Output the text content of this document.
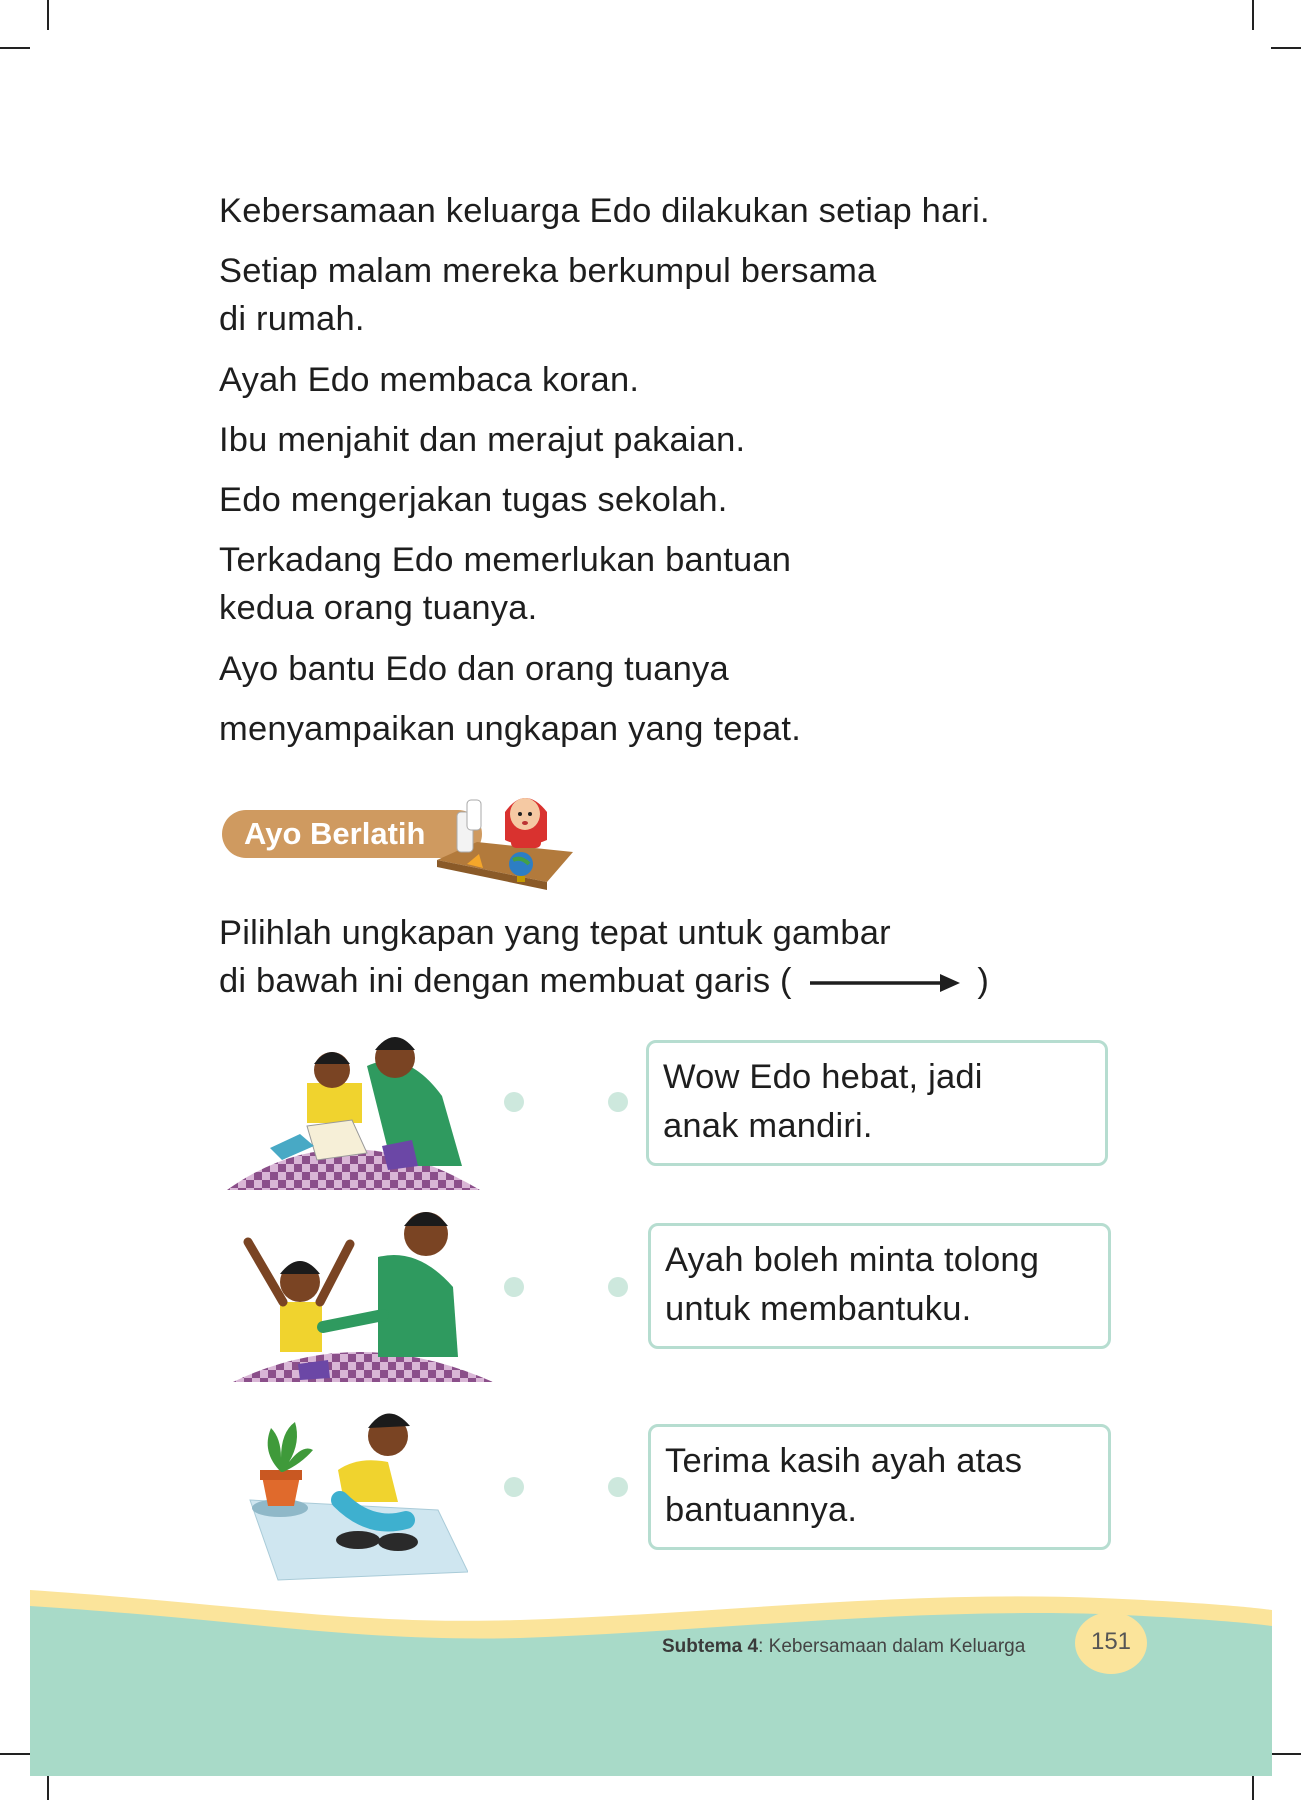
Kebersamaan keluarga Edo dilakukan setiap hari.
Setiap malam mereka berkumpul bersama
di rumah.
Ayah Edo membaca koran.
Ibu menjahit dan merajut pakaian.
Edo mengerjakan tugas sekolah.
Terkadang Edo memerlukan bantuan
kedua orang tuanya.
Ayo bantu Edo dan orang tuanya
menyampaikan ungkapan yang tepat.
Ayo Berlatih
Pilihlah ungkapan yang tepat untuk gambar
di bawah ini dengan membuat garis (	)
Wow Edo hebat, jadi
anak mandiri.
Ayah boleh minta tolong
untuk membantuku.
Terima kasih ayah atas
bantuannya.
Subtema 4: Kebersamaan dalam Keluarga	151
